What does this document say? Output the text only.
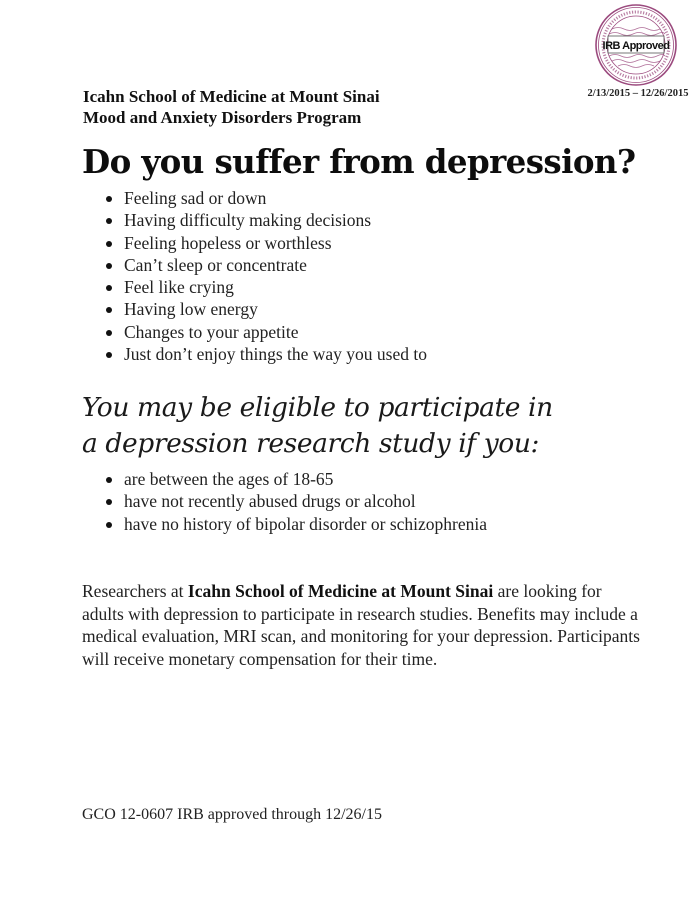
Icahn School of Medicine at Mount Sinai
Mood and Anxiety Disorders Program
IRB Approved
2/13/2015 – 12/26/2015
Do you suffer from depression?
Feeling sad or down
Having difficulty making decisions
Feeling hopeless or worthless
Can’t sleep or concentrate
Feel like crying
Having low energy
Changes to your appetite
Just don’t enjoy things the way you used to
You may be eligible to participate in
a depression research study if you:
are between the ages of 18-65
have not recently abused drugs or alcohol
have no history of bipolar disorder or schizophrenia

Researchers at Icahn School of Medicine at Mount Sinai are looking for adults with depression to participate in research studies. Benefits may include a medical evaluation, MRI scan, and monitoring for your depression. Participants will receive monetary compensation for their time.

GCO 12-0607 IRB approved through 12/26/15
